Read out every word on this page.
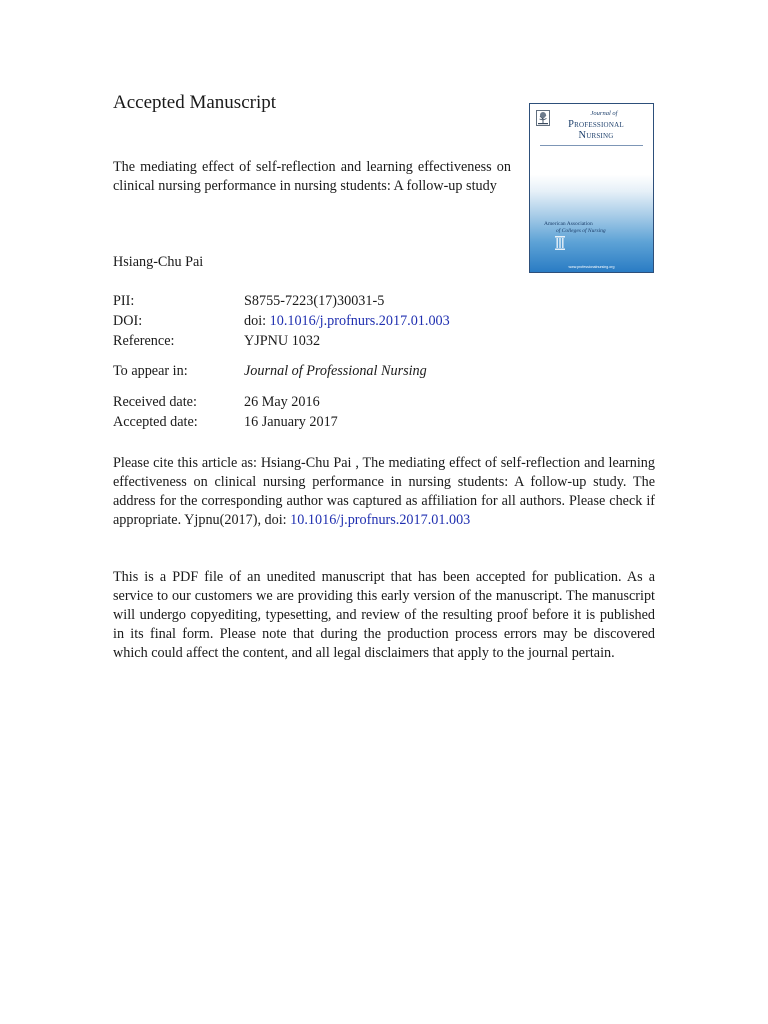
Accepted Manuscript
The mediating effect of self-reflection and learning effectiveness on clinical nursing performance in nursing students: A follow-up study
Hsiang-Chu Pai
Journal of
Professional
Nursing
American Association
of Colleges of Nursing
www.professionalnursing.org
PII:	S8755-7223(17)30031-5
DOI:	doi: 10.1016/j.profnurs.2017.01.003
Reference:	YJPNU 1032
To appear in:	Journal of Professional Nursing
Received date:	26 May 2016
Accepted date:	16 January 2017

Please cite this article as: Hsiang-Chu Pai , The mediating effect of self-reflection and learning effectiveness on clinical nursing performance in nursing students: A follow-up study. The address for the corresponding author was captured as affiliation for all authors. Please check if appropriate. Yjpnu(2017), doi: 10.1016/j.profnurs.2017.01.003

This is a PDF file of an unedited manuscript that has been accepted for publication. As a service to our customers we are providing this early version of the manuscript. The manuscript will undergo copyediting, typesetting, and review of the resulting proof before it is published in its final form. Please note that during the production process errors may be discovered which could affect the content, and all legal disclaimers that apply to the journal pertain.
